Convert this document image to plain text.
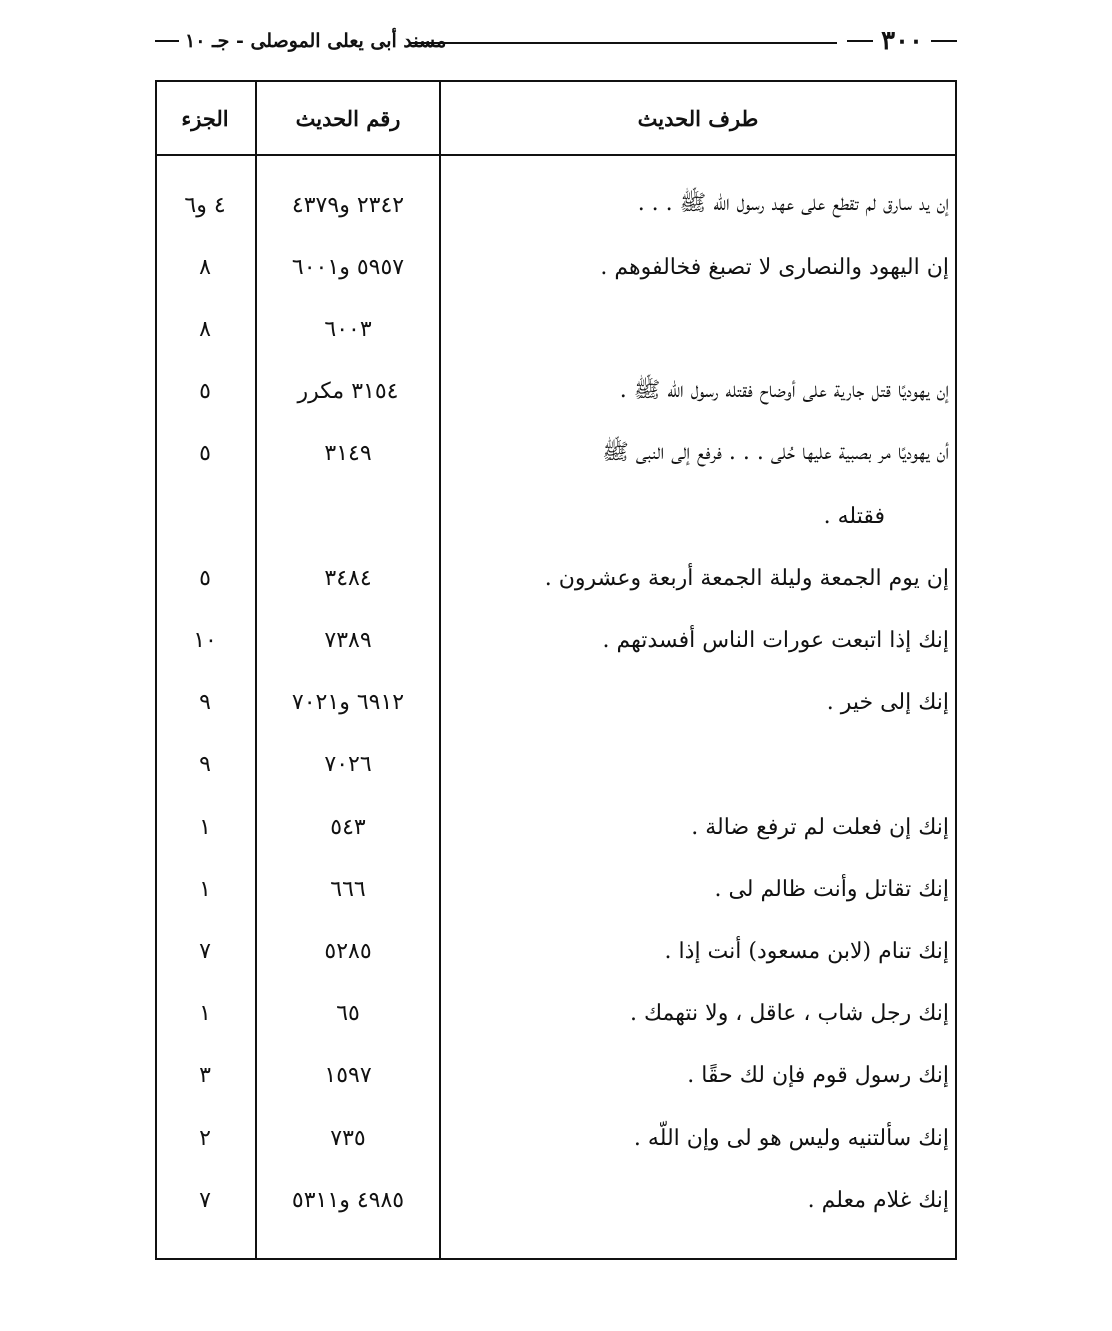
٣٠٠
مسند أبى يعلى الموصلى - جـ ١٠
طرف الحديث
رقم الحديث
الجزء
إن يد سارق لم تقطع على عهد رسول اللّه ﷺ . . .
٢٣٤٢ و٤٣٧٩
٤ و٦
إن اليهود والنصارى لا تصبغ فخالفوهم .
٥٩٥٧ و٦٠٠١
٨
٦٠٠٣
٨
إن يهوديًا قتل جارية على أوضاح فقتله رسول اللّه ﷺ .
٣١٥٤ مكرر
٥
أن يهوديًا مر بصبية عليها حُلى . . . فرفع إلى النبى ﷺ
٣١٤٩
٥
فقتله .
إن يوم الجمعة وليلة الجمعة أربعة وعشرون .
٣٤٨٤
٥
إنك إذا اتبعت عورات الناس أفسدتهم .
٧٣٨٩
١٠
إنك إلى خير .
٦٩١٢ و٧٠٢١
٩
٧٠٢٦
٩
إنك إن فعلت لم ترفع ضالة .
٥٤٣
١
إنك تقاتل وأنت ظالم لى .
٦٦٦
١
إنك تنام (لابن مسعود) أنت إذا .
٥٢٨٥
٧
إنك رجل شاب ، عاقل ، ولا نتهمك .
٦٥
١
إنك رسول قوم فإن لك حقًا .
١٥٩٧
٣
إنك سألتنيه وليس هو لى وإن اللّه .
٧٣٥
٢
إنك غلام معلم .
٤٩٨٥ و٥٣١١
٧
